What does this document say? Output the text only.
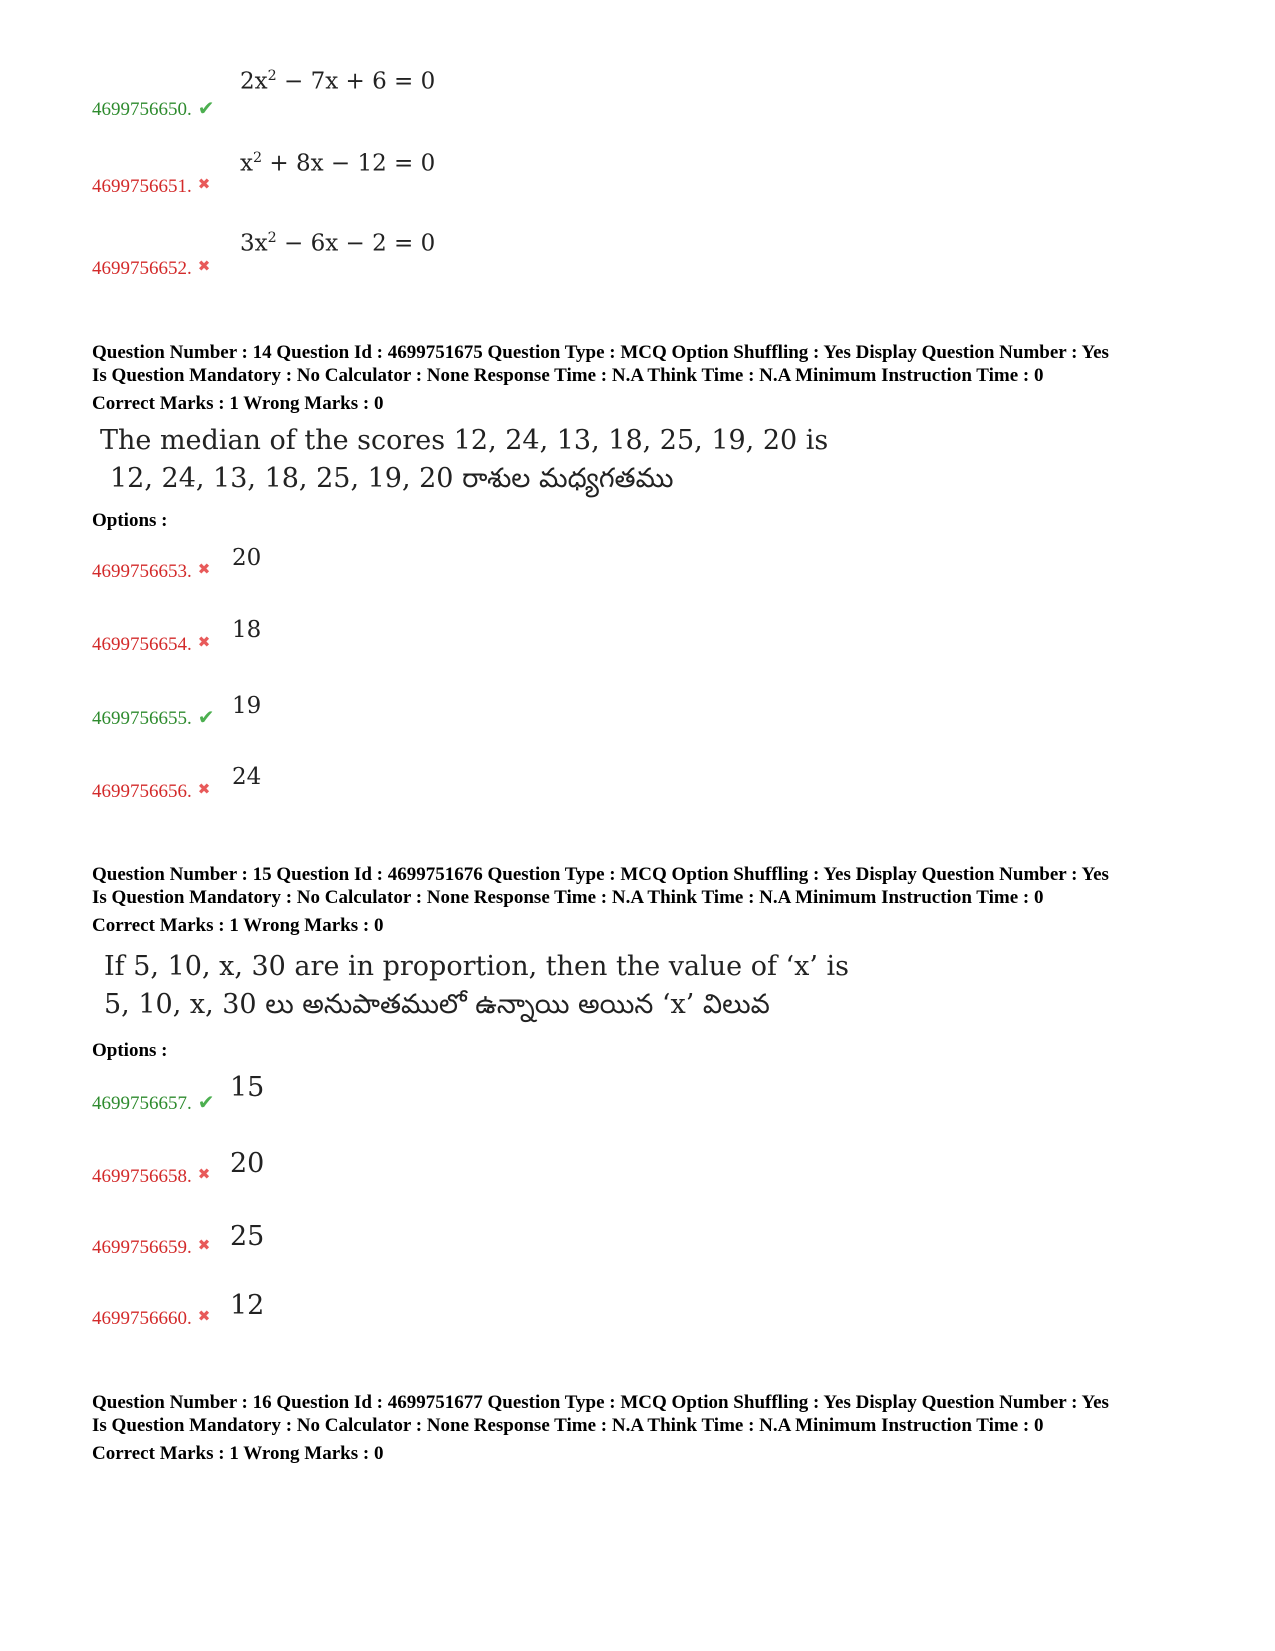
4699756650. ✔
$2x^2 - 7x + 6 = 0$
4699756651. ✖
$x^2 + 8x - 12 = 0$
4699756652. ✖
$3x^2 - 6x - 2 = 0$
Question Number : 14 Question Id : 4699751675 Question Type : MCQ Option Shuffling : Yes Display Question Number : Yes
Is Question Mandatory : No Calculator : None Response Time : N.A Think Time : N.A Minimum Instruction Time : 0
Correct Marks : 1 Wrong Marks : 0
The median of the scores 12, 24, 13, 18, 25, 19, 20 is
12, 24, 13, 18, 25, 19, 20 రాశుల మధ్యగతము
Options :
4699756653. ✖ 20
4699756654. ✖ 18
4699756655. ✔ 19
4699756656. ✖ 24
Question Number : 15 Question Id : 4699751676 Question Type : MCQ Option Shuffling : Yes Display Question Number : Yes
Is Question Mandatory : No Calculator : None Response Time : N.A Think Time : N.A Minimum Instruction Time : 0
Correct Marks : 1 Wrong Marks : 0
If 5, 10, x, 30 are in proportion, then the value of ‘x’ is
5, 10, x, 30 లు అనుపాతములో ఉన్నాయి అయిన ‘x’ విలువ
Options :
4699756657. ✔ 15
4699756658. ✖ 20
4699756659. ✖ 25
4699756660. ✖ 12
Question Number : 16 Question Id : 4699751677 Question Type : MCQ Option Shuffling : Yes Display Question Number : Yes
Is Question Mandatory : No Calculator : None Response Time : N.A Think Time : N.A Minimum Instruction Time : 0
Correct Marks : 1 Wrong Marks : 0
